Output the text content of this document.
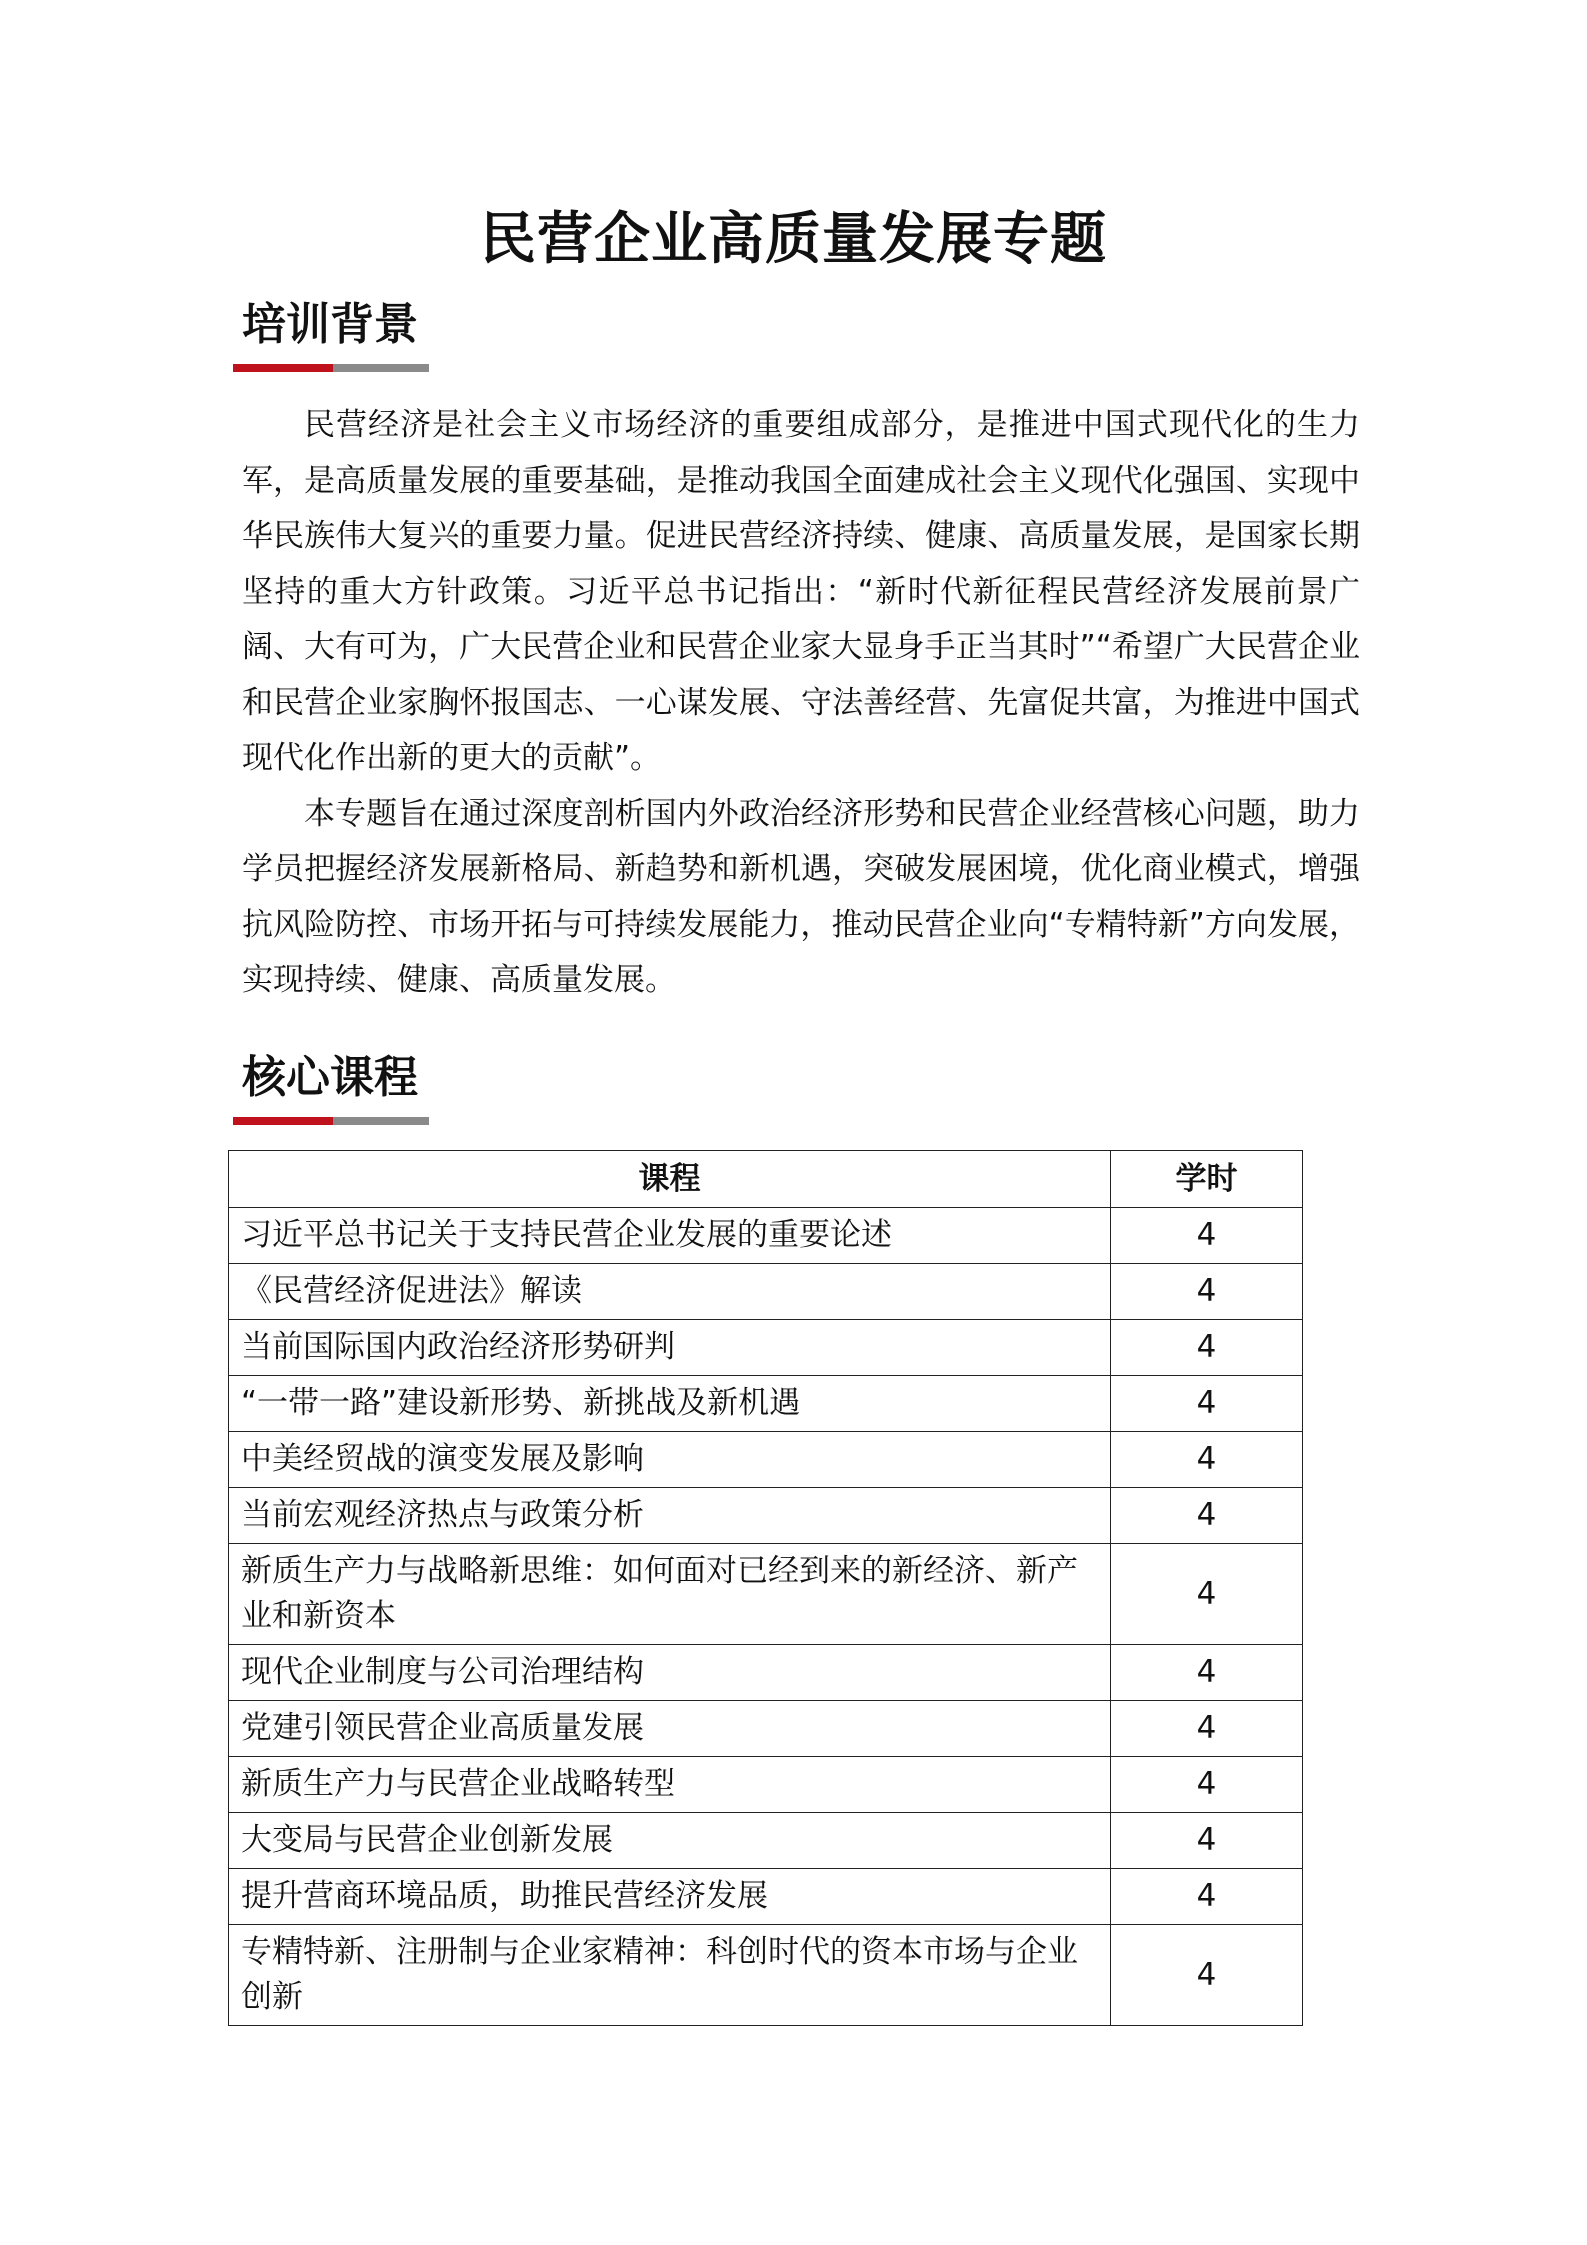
民营企业高质量发展专题
培训背景

民营经济是社会主义市场经济的重要组成部分，是推进中国式现代化的生力军，是高质量发展的重要基础，是推动我国全面建成社会主义现代化强国、实现中华民族伟大复兴的重要力量。促进民营经济持续、健康、高质量发展，是国家长期坚持的重大方针政策。习近平总书记指出：“新时代新征程民营经济发展前景广阔、大有可为，广大民营企业和民营企业家大显身手正当其时”“希望广大民营企业和民营企业家胸怀报国志、一心谋发展、守法善经营、先富促共富，为推进中国式现代化作出新的更大的贡献”。

本专题旨在通过深度剖析国内外政治经济形势和民营企业经营核心问题，助力学员把握经济发展新格局、新趋势和新机遇，突破发展困境，优化商业模式，增强抗风险防控、市场开拓与可持续发展能力，推动民营企业向“专精特新”方向发展，实现持续、健康、高质量发展。

核心课程
课程	学时
习近平总书记关于支持民营企业发展的重要论述	4
《民营经济促进法》解读	4
当前国际国内政治经济形势研判	4
“一带一路”建设新形势、新挑战及新机遇	4
中美经贸战的演变发展及影响	4
当前宏观经济热点与政策分析	4
新质生产力与战略新思维：如何面对已经到来的新经济、新产业和新资本	4
现代企业制度与公司治理结构	4
党建引领民营企业高质量发展	4
新质生产力与民营企业战略转型	4
大变局与民营企业创新发展	4
提升营商环境品质，助推民营经济发展	4
专精特新、注册制与企业家精神：科创时代的资本市场与企业创新	4
